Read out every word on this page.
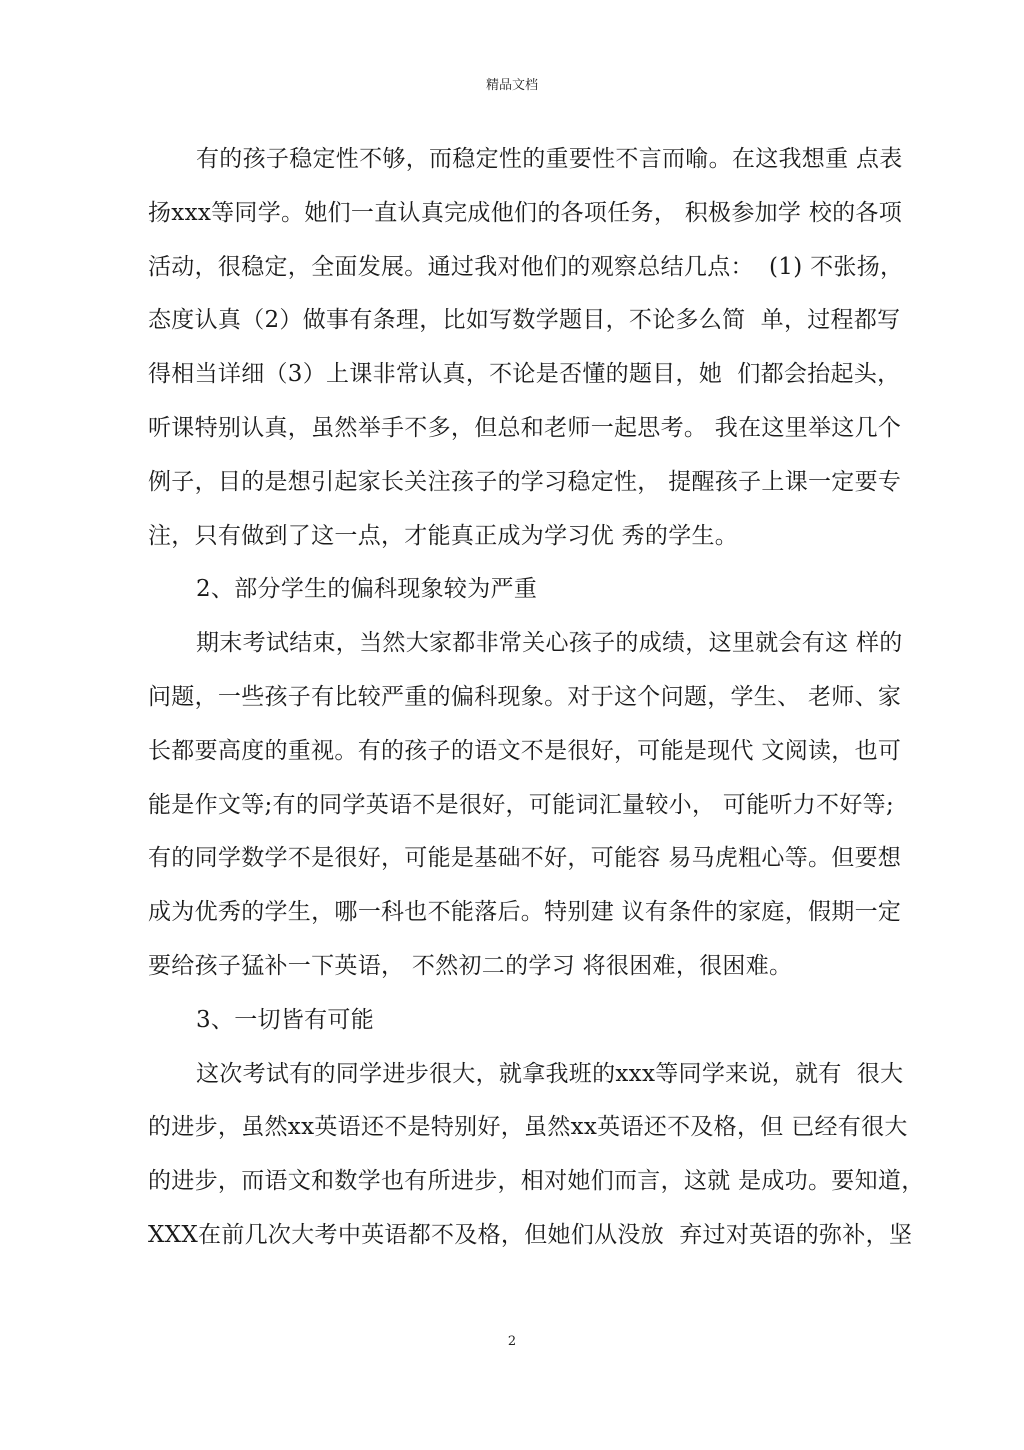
精品文档
有的孩子稳定性不够，而稳定性的重要性不言而喻。在这我想重 点表
扬xxx等同学。她们一直认真完成他们的各项任务， 积极参加学 校的各项
活动，很稳定，全面发展。通过我对他们的观察总结几点：  (1) 不张扬，
态度认真（2）做事有条理，比如写数学题目，不论多么简  单，过程都写
得相当详细（3）上课非常认真，不论是否懂的题目，她  们都会抬起头，
听课特别认真，虽然举手不多，但总和老师一起思考。 我在这里举这几个
例子，目的是想引起家长关注孩子的学习稳定性， 提醒孩子上课一定要专
注，只有做到了这一点，才能真正成为学习优 秀的学生。
2、部分学生的偏科现象较为严重
期末考试结束，当然大家都非常关心孩子的成绩，这里就会有这 样的
问题，一些孩子有比较严重的偏科现象。对于这个问题，学生、 老师、家
长都要高度的重视。有的孩子的语文不是很好，可能是现代 文阅读，也可
能是作文等;有的同学英语不是很好，可能词汇量较小， 可能听力不好等;
有的同学数学不是很好，可能是基础不好，可能容 易马虎粗心等。但要想
成为优秀的学生，哪一科也不能落后。特别建 议有条件的家庭，假期一定
要给孩子猛补一下英语， 不然初二的学习 将很困难，很困难。
3、一切皆有可能
这次考试有的同学进步很大，就拿我班的xxx等同学来说，就有  很大
的进步，虽然xx英语还不是特别好，虽然xx英语还不及格，但 已经有很大
的进步，而语文和数学也有所进步，相对她们而言，这就 是成功。要知道，
XXX在前几次大考中英语都不及格，但她们从没放  弃过对英语的弥补，坚
2
